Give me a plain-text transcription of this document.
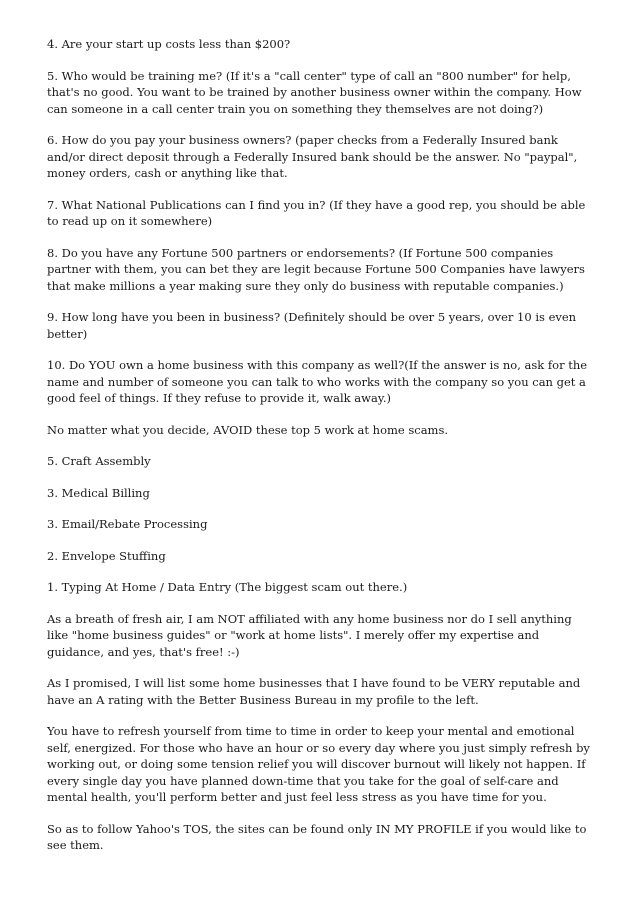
4. Are your start up costs less than $200?

5. Who would be training me? (If it's a "call center" type of call an "800 number" for help, that's no good. You want to be trained by another business owner within the company. How can someone in a call center train you on something they themselves are not doing?)

6. How do you pay your business owners? (paper checks from a Federally Insured bank and/or direct deposit through a Federally Insured bank should be the answer. No "paypal", money orders, cash or anything like that.

7. What National Publications can I find you in? (If they have a good rep, you should be able to read up on it somewhere)

8. Do you have any Fortune 500 partners or endorsements? (If Fortune 500 companies partner with them, you can bet they are legit because Fortune 500 Companies have lawyers that make millions a year making sure they only do business with reputable companies.)

9. How long have you been in business? (Definitely should be over 5 years, over 10 is even better)

10. Do YOU own a home business with this company as well?(If the answer is no, ask for the name and number of someone you can talk to who works with the company so you can get a good feel of things. If they refuse to provide it, walk away.)

No matter what you decide, AVOID these top 5 work at home scams.

5. Craft Assembly

3. Medical Billing

3. Email/Rebate Processing

2. Envelope Stuffing

1. Typing At Home / Data Entry (The biggest scam out there.)

As a breath of fresh air, I am NOT affiliated with any home business nor do I sell anything like "home business guides" or "work at home lists". I merely offer my expertise and guidance, and yes, that's free! :-)

As I promised, I will list some home businesses that I have found to be VERY reputable and have an A rating with the Better Business Bureau in my profile to the left.

You have to refresh yourself from time to time in order to keep your mental and emotional self, energized. For those who have an hour or so every day where you just simply refresh by working out, or doing some tension relief you will discover burnout will likely not happen. If every single day you have planned down-time that you take for the goal of self-care and mental health, you'll perform better and just feel less stress as you have time for you.

So as to follow Yahoo's TOS, the sites can be found only IN MY PROFILE if you would like to see them.
